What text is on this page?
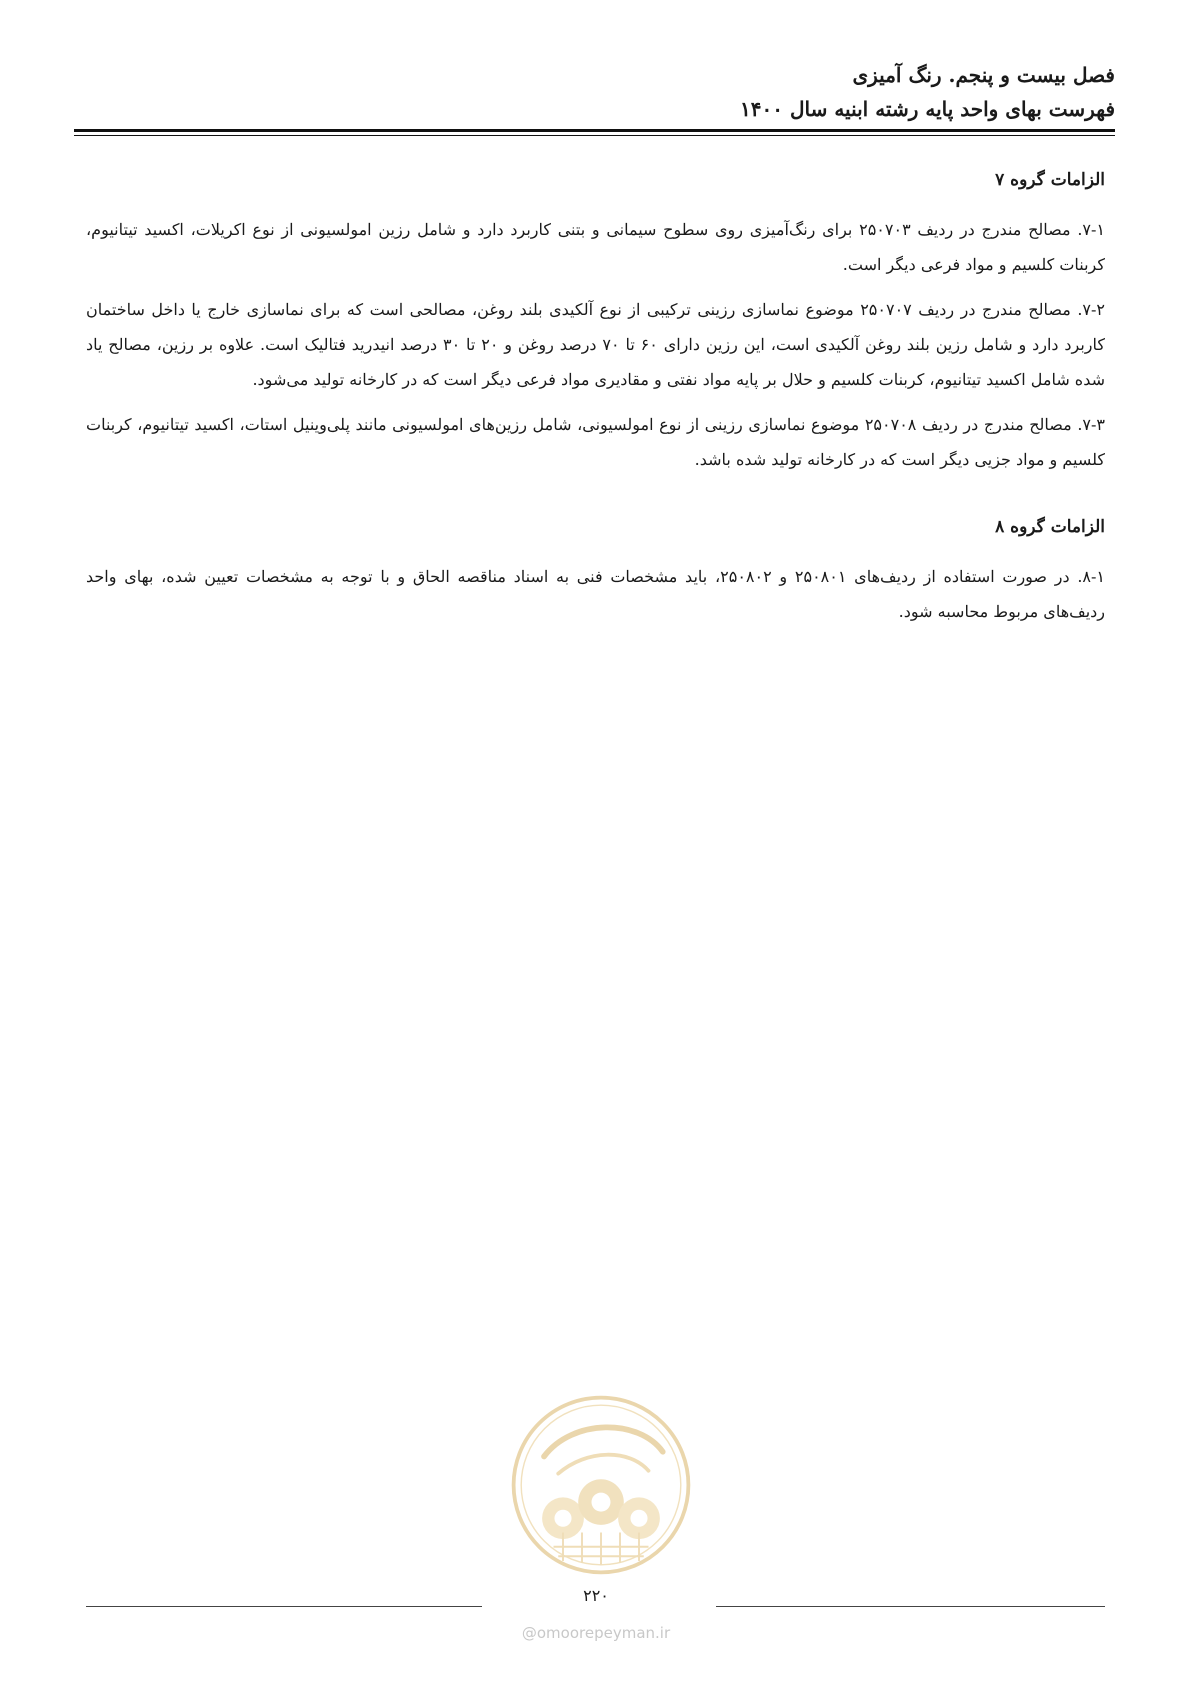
فصل بیست و پنجم. رنگ آمیزی
فهرست بهای واحد پایه رشته ابنیه سال ۱۴۰۰
الزامات گروه ۷

۷-۱. مصالح مندرج در ردیف ۲۵۰۷۰۳ برای رنگ‌آمیزی روی سطوح سیمانی و بتنی کاربرد دارد و شامل رزین امولسیونی از نوع اکریلات، اکسید تیتانیوم، کربنات کلسیم و مواد فرعی دیگر است.

۷-۲. مصالح مندرج در ردیف ۲۵۰۷۰۷ موضوع نماسازی رزینی ترکیبی از نوع آلکیدی بلند روغن، مصالحی است که برای نماسازی خارج یا داخل ساختمان کاربرد دارد و شامل رزین بلند روغن آلکیدی است، این رزین دارای ۶۰ تا ۷۰ درصد روغن و ۲۰ تا ۳۰ درصد انیدرید فتالیک است. علاوه بر رزین، مصالح یاد شده شامل اکسید تیتانیوم، کربنات کلسیم و حلال بر پایه مواد نفتی و مقادیری مواد فرعی دیگر است که در کارخانه تولید می‌شود.

۷-۳. مصالح مندرج در ردیف ۲۵۰۷۰۸ موضوع نماسازی رزینی از نوع امولسیونی، شامل رزین‌های امولسیونی مانند پلی‌وینیل استات، اکسید تیتانیوم، کربنات کلسیم و مواد جزیی دیگر است که در کارخانه تولید شده باشد.

الزامات گروه ۸

۸-۱. در صورت استفاده از ردیف‌های ۲۵۰۸۰۱ و ۲۵۰۸۰۲، باید مشخصات فنی به اسناد مناقصه الحاق و با توجه به مشخصات تعیین شده، بهای واحد ردیف‌های مربوط محاسبه شود.

۲۲۰
@omoorepeyman.ir
